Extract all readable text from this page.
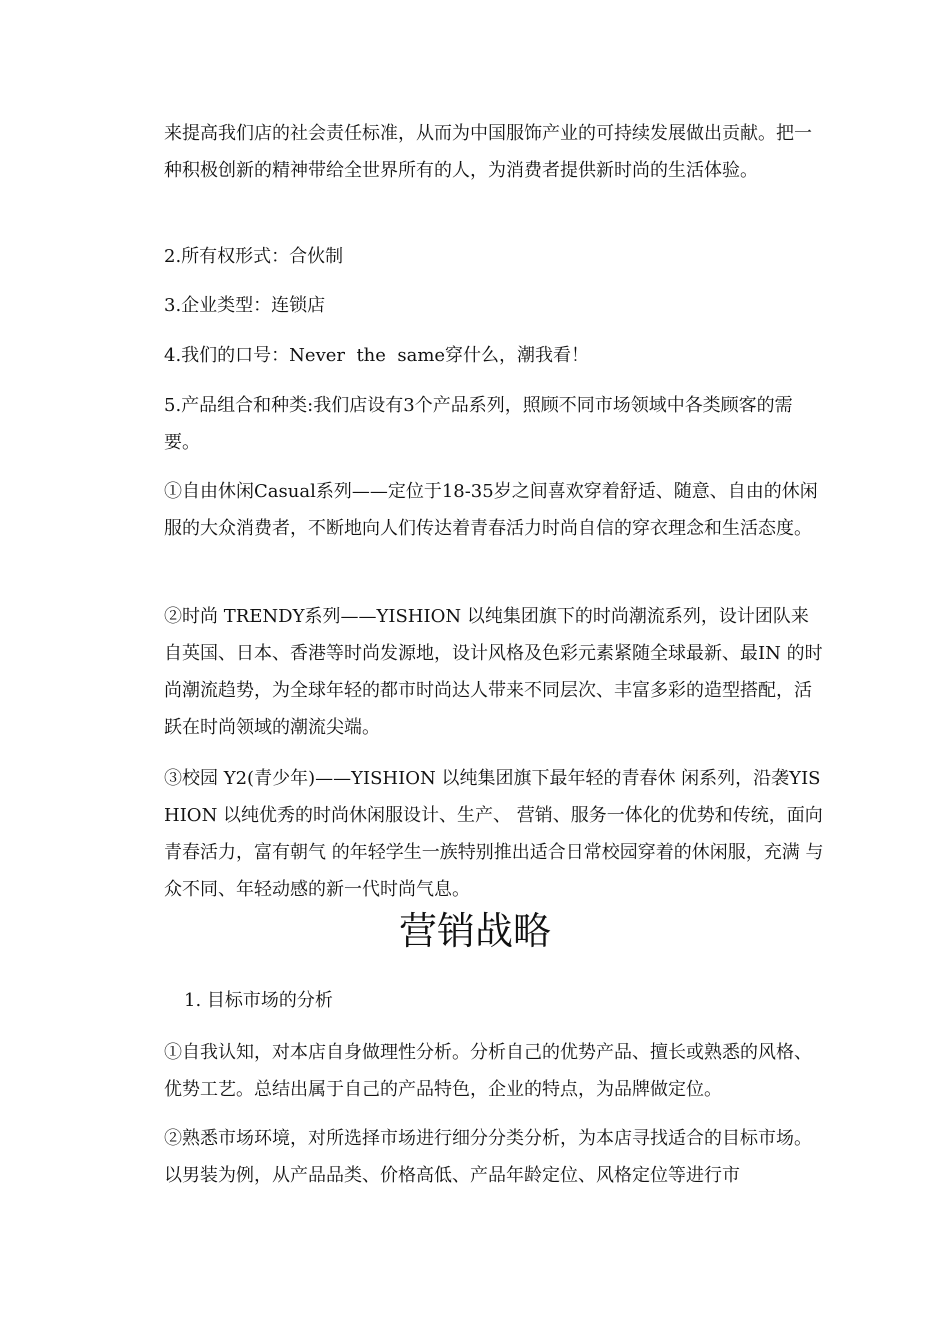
来提高我们店的社会责任标准，从而为中国服饰产业的可持续发展做出贡献。把一种积极创新的精神带给全世界所有的人，为消费者提供新时尚的生活体验。
2.所有权形式：合伙制
3.企业类型：连锁店
4.我们的口号：Never  the  same穿什么，潮我看！
5.产品组合和种类:我们店设有3个产品系列，照顾不同市场领域中各类顾客的需要。
①自由休闲Casual系列——定位于18-35岁之间喜欢穿着舒适、随意、自由的休闲服的大众消费者，不断地向人们传达着青春活力时尚自信的穿衣理念和生活态度。
②时尚 TRENDY系列——YISHION 以纯集团旗下的时尚潮流系列，设计团队来自英国、日本、香港等时尚发源地，设计风格及色彩元素紧随全球最新、最IN 的时尚潮流趋势，为全球年轻的都市时尚达人带来不同层次、丰富多彩的造型搭配，活跃在时尚领域的潮流尖端。
③校园 Y2(青少年)——YISHION 以纯集团旗下最年轻的青春休 闲系列，沿袭YISHION 以纯优秀的时尚休闲服设计、生产、 营销、服务一体化的优势和传统，面向青春活力，富有朝气 的年轻学生一族特别推出适合日常校园穿着的休闲服，充满 与众不同、年轻动感的新一代时尚气息。
营销战略
1. 目标市场的分析
①自我认知，对本店自身做理性分析。分析自己的优势产品、擅长或熟悉的风格、优势工艺。总结出属于自己的产品特色，企业的特点，为品牌做定位。
②熟悉市场环境，对所选择市场进行细分分类分析，为本店寻找适合的目标市场。以男装为例，从产品品类、价格高低、产品年龄定位、风格定位等进行市
